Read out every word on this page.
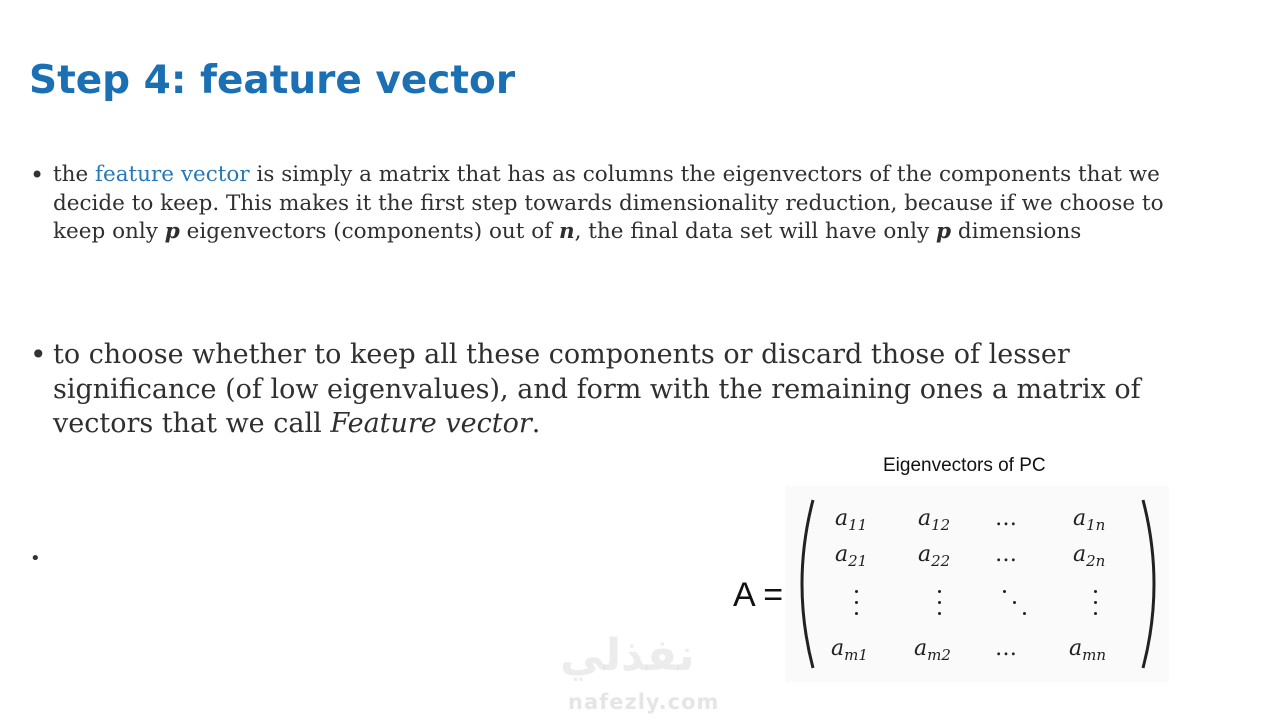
Step 4: feature vector
• the feature vector is simply a matrix that has as columns the eigenvectors of the components that we decide to keep. This makes it the first step towards dimensionality reduction, because if we choose to keep only p eigenvectors (components) out of n, the final data set will have only p dimensions

• to choose whether to keep all these components or discard those of lesser significance (of low eigenvalues), and form with the remaining ones a matrix of vectors that we call Feature vector.

•
Eigenvectors of PC
A =
$a_{11}$ $a_{12}$ … $a_{1n}$
$a_{21}$ $a_{22}$ … $a_{2n}$
$a_{m1}$ $a_{m2}$ … $a_{mn}$
نفذلي
nafezly.com
